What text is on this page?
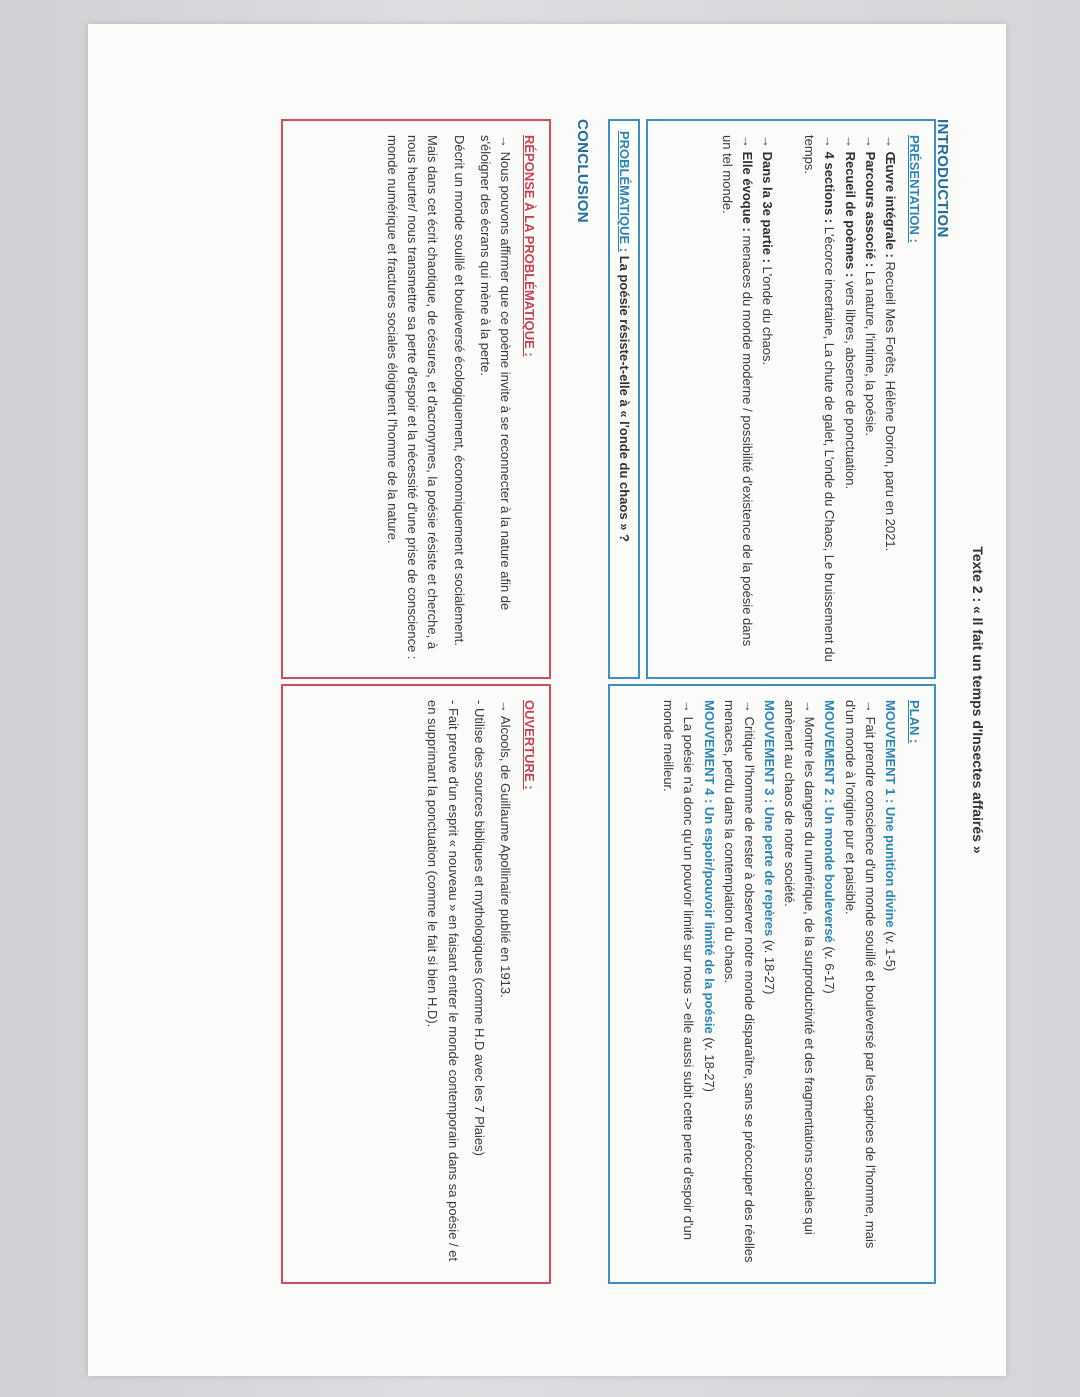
Texte 2 : « Il fait un temps d'Insectes affairés »
INTRODUCTION
PRÉSENTATION :

→ Œuvre intégrale : Recueil Mes Forêts, Hélène Dorion, paru en 2021.

→ Parcours associé : La nature, l'intime, la poésie.

→ Recueil de poèmes : vers libres, absence de ponctuation.

→ 4 sections : L'écorce incertaine, La chute de galet, L'onde du Chaos, Le bruissement du temps.

→ Dans la 3e partie : L'onde du chaos.

→ Elle évoque : menaces du monde moderne / possibilité d'existence de la poésie dans un tel monde.

PROBLÉMATIQUE : La poésie résiste-t-elle à « l'onde du chaos » ?
PLAN :

MOUVEMENT 1 : Une punition divine (v. 1-5)

→ Fait prendre conscience d'un monde souillé et bouleversé par les caprices de l'homme, mais d'un monde à l'origine pur et paisible.

MOUVEMENT 2 : Un monde bouleversé (v. 6-17)

→ Montre les dangers du numérique, de la surproductivité et des fragmentations sociales qui amènent au chaos de notre société.

MOUVEMENT 3 : Une perte de repères (v. 18-27)

→ Critique l'homme de rester à observer notre monde disparaître, sans se préoccuper des réelles menaces, perdu dans la contemplation du chaos.

MOUVEMENT 4 : Un espoir/pouvoir limité de la poésie (v. 18-27)

→ La poésie n'a donc qu'un pouvoir limité sur nous -> elle aussi subit cette perte d'espoir d'un monde meilleur.

CONCLUSION
RÉPONSE À LA PROBLÉMATIQUE :

→ Nous pouvons affirmer que ce poème invite à se reconnecter à la nature afin de s'éloigner des écrans qui mène à la perte.

Décrit un monde souillé et bouleversé écologiquement, économiquement et socialement.

Mais dans cet écrit chaotique, de césures, et d'acronymes, la poésie résiste et cherche, à nous heurter/ nous transmettre sa perte d'espoir et la nécessité d'une prise de conscience : monde numérique et fractures sociales éloignent l'homme de la nature.

OUVERTURE :

→ Alcools, de Guillaume Apollinaire publié en 1913.

- Utilise des sources bibliques et mythologiques (comme H.D avec les 7 Plaies)

- Fait preuve d'un esprit « nouveau » en faisant entrer le monde contemporain dans sa poésie / et en supprimant la ponctuation (comme le fait si bien H.D).
